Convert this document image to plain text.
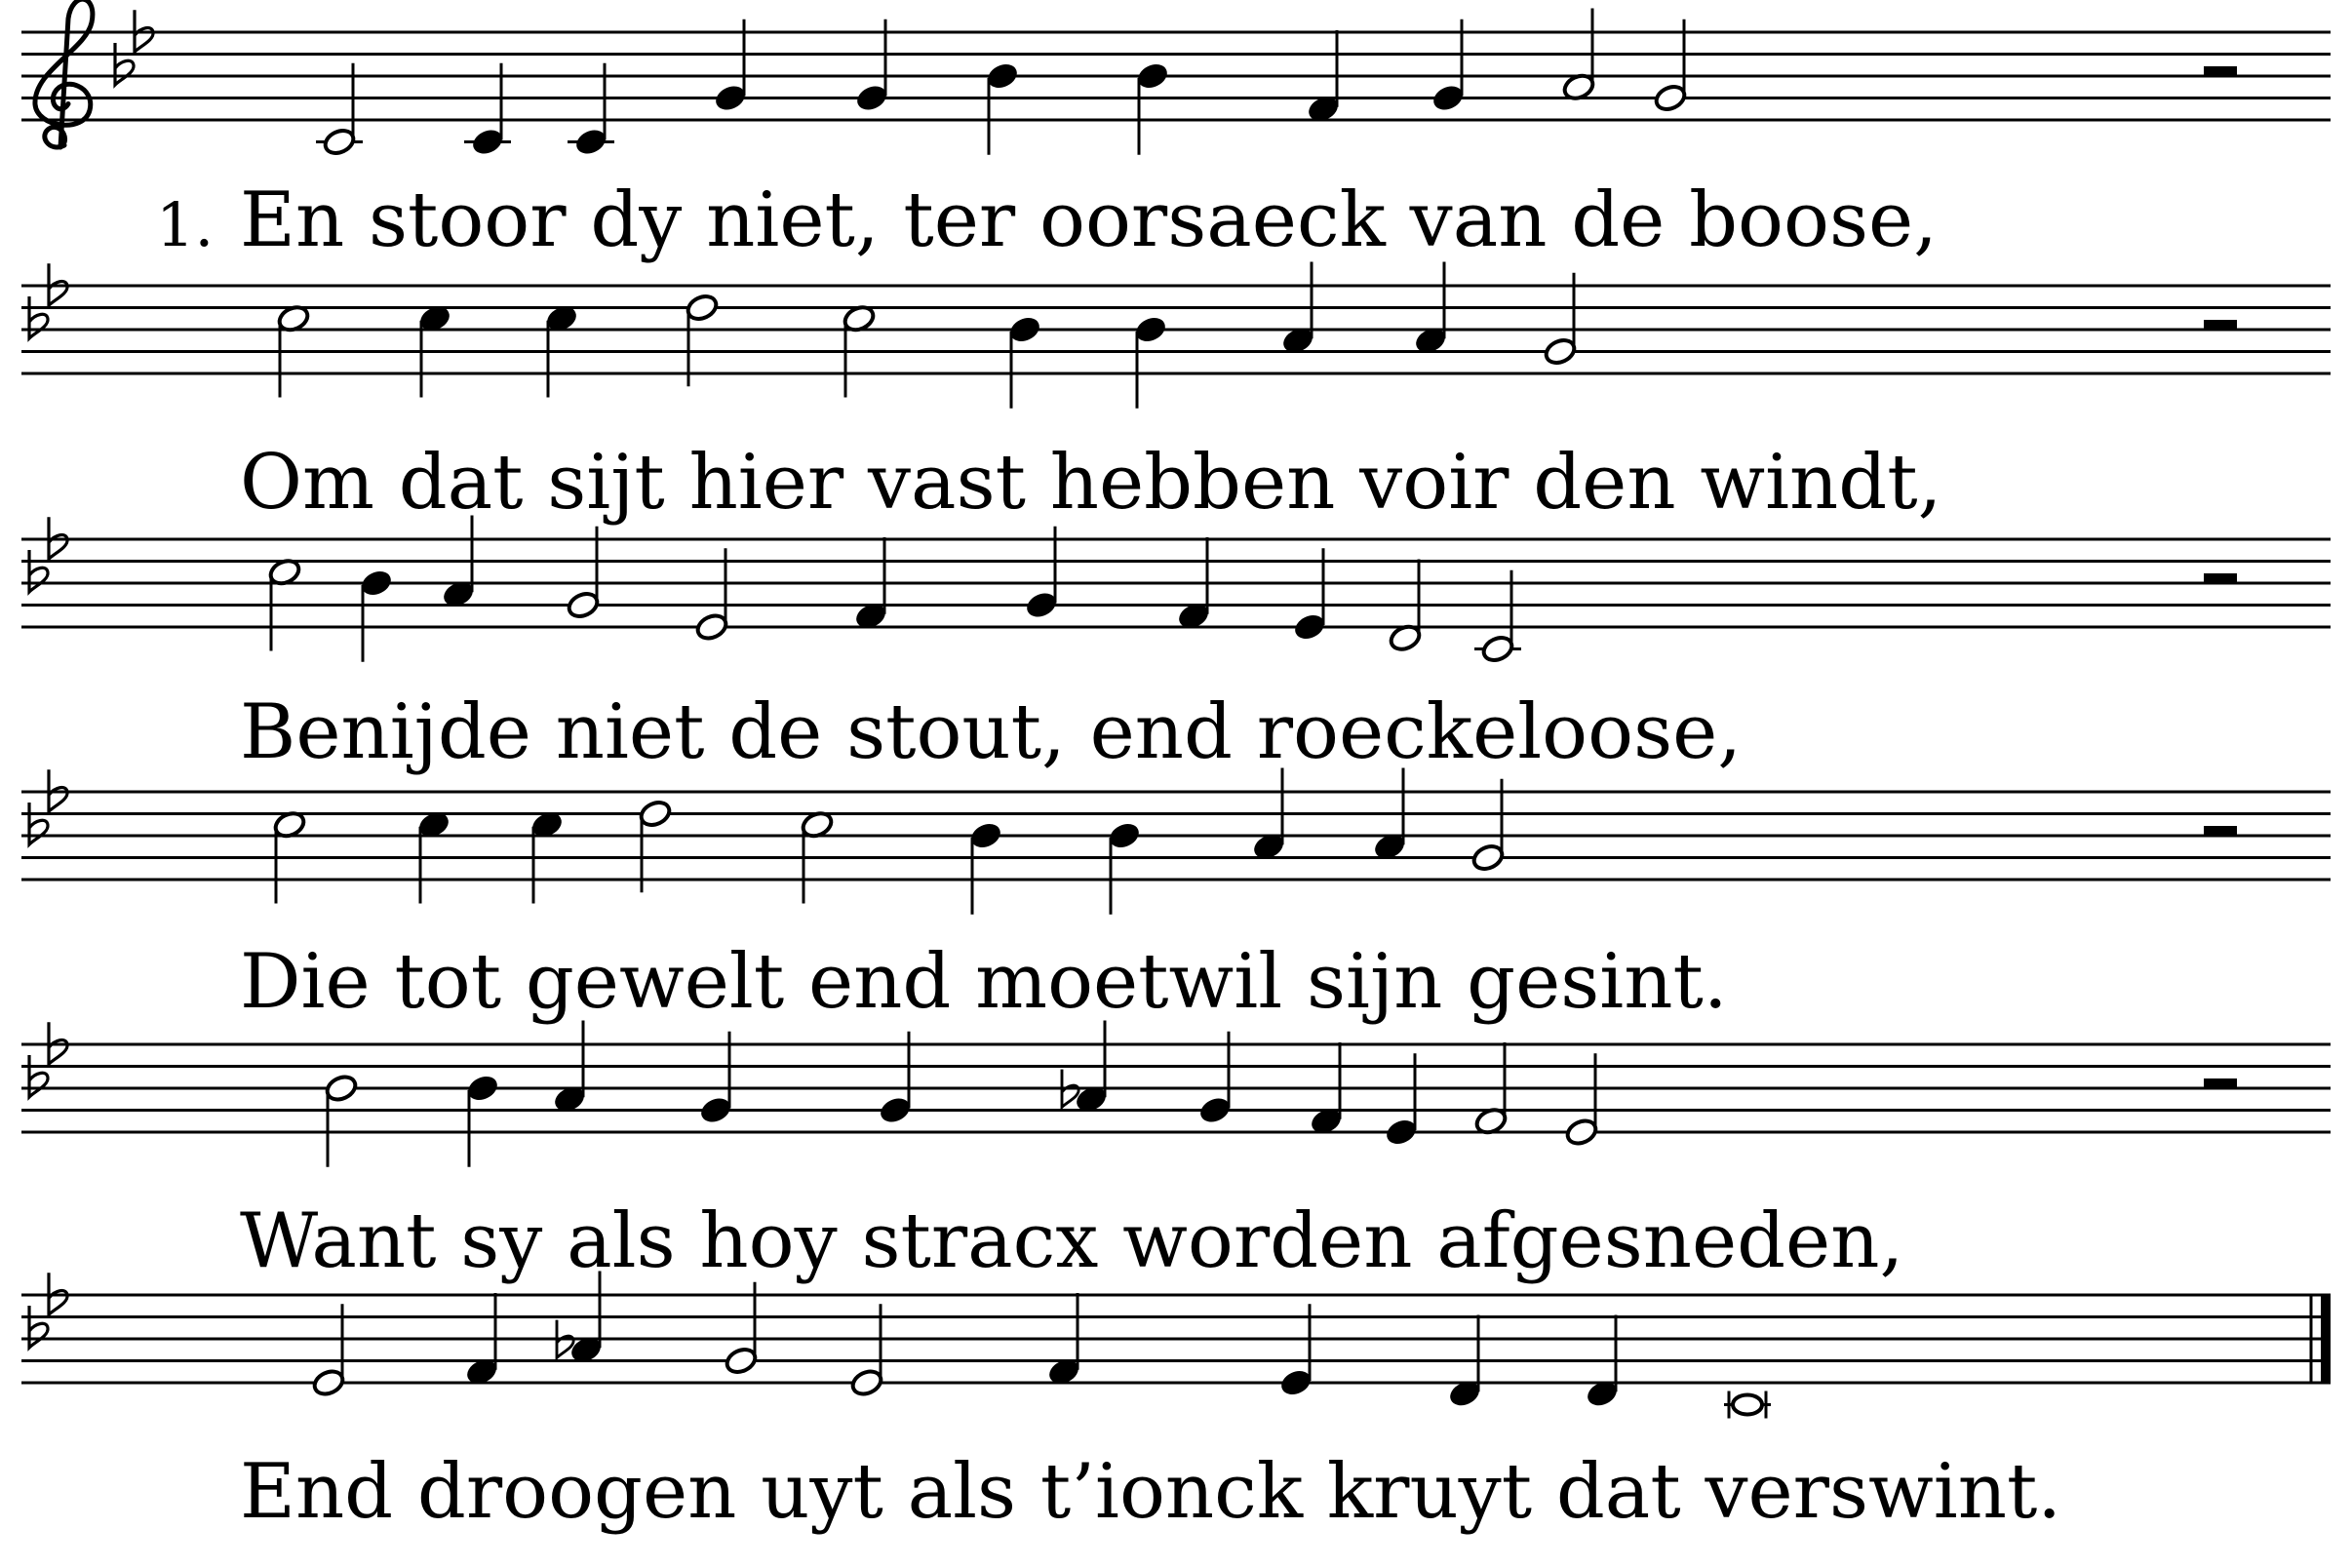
1. En stoor dy niet, ter oorsaeck van de boose,
Om dat sijt hier vast hebben voir den windt,
Benijde niet de stout, end roeckeloose,
Die tot gewelt end moetwil sijn gesint.
Want sy als hoy stracx worden afgesneden,
End droogen uyt als t’ionck kruyt dat verswint.
